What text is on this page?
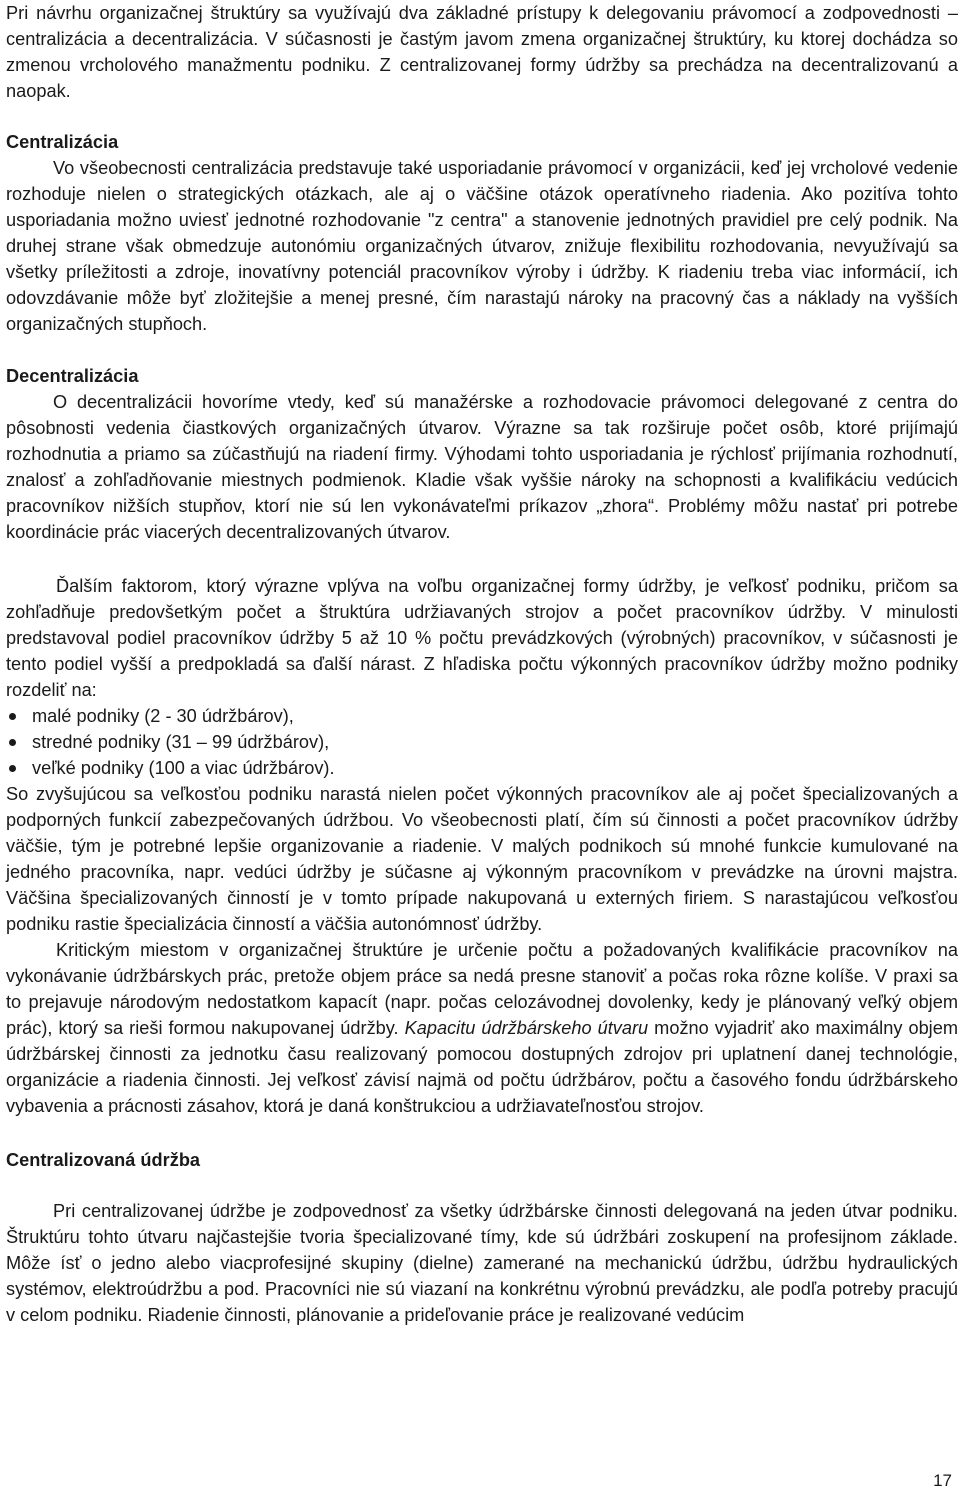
Pri návrhu organizačnej štruktúry sa využívajú dva základné prístupy k delegovaniu právomocí a zodpovednosti – centralizácia a decentralizácia. V súčasnosti je častým javom zmena organizačnej štruktúry, ku ktorej dochádza so zmenou vrcholového manažmentu podniku. Z centralizovanej formy údržby sa prechádza na decentralizovanú a naopak.

Centralizácia

Vo všeobecnosti centralizácia predstavuje také usporiadanie právomocí v organizácii, keď jej vrcholové vedenie rozhoduje nielen o strategických otázkach, ale aj o väčšine otázok operatívneho riadenia. Ako pozitíva tohto usporiadania možno uviesť jednotné rozhodovanie "z centra" a stanovenie jednotných pravidiel pre celý podnik. Na druhej strane však obmedzuje autonómiu organizačných útvarov, znižuje flexibilitu rozhodovania, nevyužívajú sa všetky príležitosti a zdroje, inovatívny potenciál pracovníkov výroby i údržby. K riadeniu treba viac informácií, ich odovzdávanie môže byť zložitejšie a menej presné, čím narastajú nároky na pracovný čas a náklady na vyšších organizačných stupňoch.

Decentralizácia

O decentralizácii hovoríme vtedy, keď sú manažérske a rozhodovacie právomoci delegované z centra do pôsobnosti vedenia čiastkových organizačných útvarov. Výrazne sa tak rozširuje počet osôb, ktoré prijímajú rozhodnutia a priamo sa zúčastňujú na riadení firmy. Výhodami tohto usporiadania je rýchlosť prijímania rozhodnutí, znalosť a zohľadňovanie miestnych podmienok. Kladie však vyššie nároky na schopnosti a kvalifikáciu vedúcich pracovníkov nižších stupňov, ktorí nie sú len vykonávateľmi príkazov „zhora“. Problémy môžu nastať pri potrebe koordinácie prác viacerých decentralizovaných útvarov.

Ďalším faktorom, ktorý výrazne vplýva na voľbu organizačnej formy údržby, je veľkosť podniku, pričom sa zohľadňuje predovšetkým počet a štruktúra udržiavaných strojov a počet pracovníkov údržby. V minulosti predstavoval podiel pracovníkov údržby 5 až 10 % počtu prevádzkových (výrobných) pracovníkov, v súčasnosti je tento podiel vyšší a predpokladá sa ďalší nárast. Z hľadiska počtu výkonných pracovníkov údržby možno podniky rozdeliť na:

malé podniky (2 - 30 údržbárov),
stredné podniky (31 – 99 údržbárov),
veľké podniky (100 a viac údržbárov).

So zvyšujúcou sa veľkosťou podniku narastá nielen počet výkonných pracovníkov ale aj počet špecializovaných a podporných funkcií zabezpečovaných údržbou. Vo všeobecnosti platí, čím sú činnosti a počet pracovníkov údržby väčšie, tým je potrebné lepšie organizovanie a riadenie. V malých podnikoch sú mnohé funkcie kumulované na jedného pracovníka, napr. vedúci údržby je súčasne aj výkonným pracovníkom v prevádzke na úrovni majstra. Väčšina špecializovaných činností je v tomto prípade nakupovaná u externých firiem. S narastajúcou veľkosťou podniku rastie špecializácia činností a väčšia autonómnosť údržby.

Kritickým miestom v organizačnej štruktúre je určenie počtu a požadovaných kvalifikácie pracovníkov na vykonávanie údržbárskych prác, pretože objem práce sa nedá presne stanoviť a počas roka rôzne kolíše. V praxi sa to prejavuje národovým nedostatkom kapacít (napr. počas celozávodnej dovolenky, kedy je plánovaný veľký objem prác), ktorý sa rieši formou nakupovanej údržby. Kapacitu údržbárskeho útvaru možno vyjadriť ako maximálny objem údržbárskej činnosti za jednotku času realizovaný pomocou dostupných zdrojov pri uplatnení danej technológie, organizácie a riadenia činnosti. Jej veľkosť závisí najmä od počtu údržbárov, počtu a časového fondu údržbárskeho vybavenia a prácnosti zásahov, ktorá je daná konštrukciou a udržiavateľnosťou strojov.

Centralizovaná údržba

Pri centralizovanej údržbe je zodpovednosť za všetky údržbárske činnosti delegovaná na jeden útvar podniku. Štruktúru tohto útvaru najčastejšie tvoria špecializované tímy, kde sú údržbári zoskupení na profesijnom základe. Môže ísť o jedno alebo viacprofesijné skupiny (dielne) zamerané na mechanickú údržbu, údržbu hydraulických systémov, elektroúdržbu a pod. Pracovníci nie sú viazaní na konkrétnu výrobnú prevádzku, ale podľa potreby pracujú v celom podniku. Riadenie činnosti, plánovanie a prideľovanie práce je realizované vedúcim

17
